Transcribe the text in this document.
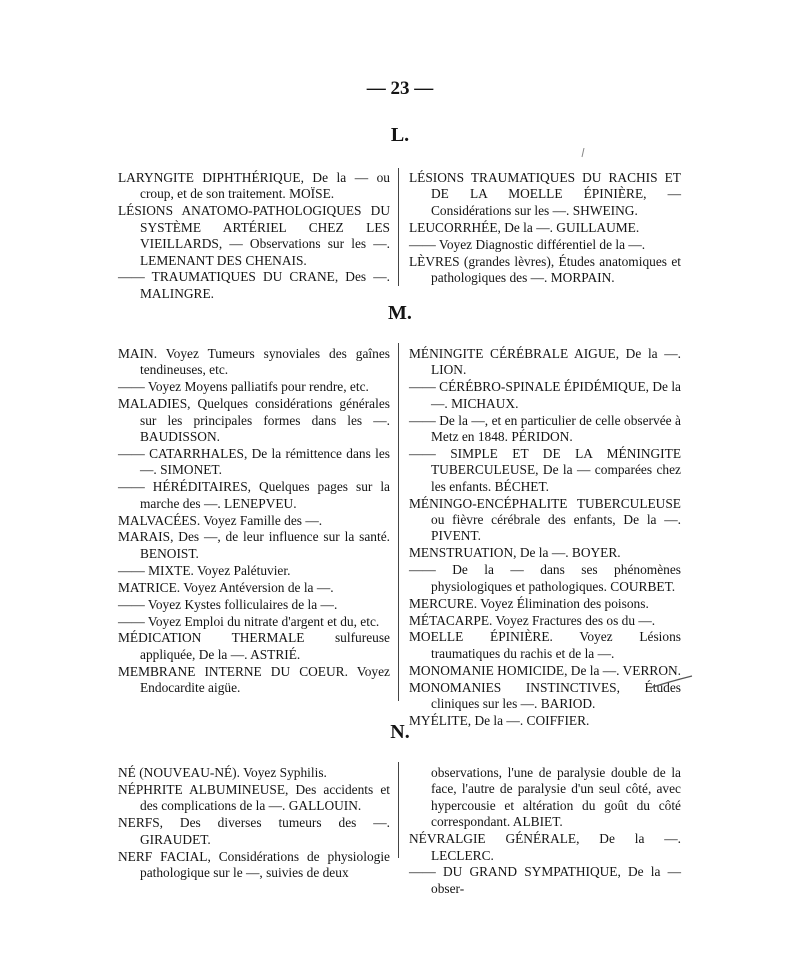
— 23 —
L.

LARYNGITE DIPHTHÉRIQUE, De la — ou croup, et de son traitement. MOÏSE.

LÉSIONS ANATOMO-PATHOLOGIQUES DU SYSTÈME ARTÉRIEL CHEZ LES VIEILLARDS, — Observations sur les —. LEMENANT DES CHENAIS.

—— TRAUMATIQUES DU CRANE, Des —. MALINGRE.

LÉSIONS TRAUMATIQUES DU RACHIS ET DE LA MOELLE ÉPINIÈRE, — Considérations sur les —. SHWEING.

LEUCORRHÉE, De la —. GUILLAUME.

—— Voyez Diagnostic différentiel de la —.

LÈVRES (grandes lèvres), Études anatomiques et pathologiques des —. MORPAIN.

M.

MAIN. Voyez Tumeurs synoviales des gaînes tendineuses, etc.

—— Voyez Moyens palliatifs pour rendre, etc.

MALADIES, Quelques considérations générales sur les principales formes dans les —. BAUDISSON.

—— CATARRHALES, De la rémittence dans les —. SIMONET.

—— HÉRÉDITAIRES, Quelques pages sur la marche des —. LENEPVEU.

MALVACÉES. Voyez Famille des —.

MARAIS, Des —, de leur influence sur la santé. BENOIST.

—— MIXTE. Voyez Palétuvier.

MATRICE. Voyez Antéversion de la —.

—— Voyez Kystes folliculaires de la —.

—— Voyez Emploi du nitrate d'argent et du, etc.

MÉDICATION THERMALE sulfureuse appliquée, De la —. ASTRIÉ.

MEMBRANE INTERNE DU COEUR. Voyez Endocardite aigüe.

MÉNINGITE CÉRÉBRALE AIGUE, De la —. LION.

—— CÉRÉBRO-SPINALE ÉPIDÉMIQUE, De la —. MICHAUX.

—— De la —, et en particulier de celle observée à Metz en 1848. PÉRIDON.

—— SIMPLE ET DE LA MÉNINGITE TUBERCULEUSE, De la — comparées chez les enfants. BÉCHET.

MÉNINGO-ENCÉPHALITE TUBERCULEUSE ou fièvre cérébrale des enfants, De la —. PIVENT.

MENSTRUATION, De la —. BOYER.

—— De la — dans ses phénomènes physiologiques et pathologiques. COURBET.

MERCURE. Voyez Élimination des poisons.

MÉTACARPE. Voyez Fractures des os du —.

MOELLE ÉPINIÈRE. Voyez Lésions traumatiques du rachis et de la —.

MONOMANIE HOMICIDE, De la —. VERRON.

MONOMANIES INSTINCTIVES, Études cliniques sur les —. BARIOD.

MYÉLITE, De la —. COIFFIER.

N.

NÉ (NOUVEAU-NÉ). Voyez Syphilis.

NÉPHRITE ALBUMINEUSE, Des accidents et des complications de la —. GALLOUIN.

NERFS, Des diverses tumeurs des —. GIRAUDET.

NERF FACIAL, Considérations de physiologie pathologique sur le —, suivies de deux

observations, l'une de paralysie double de la face, l'autre de paralysie d'un seul côté, avec hypercousie et altération du goût du côté correspondant. ALBIET.

NÉVRALGIE GÉNÉRALE, De la —. LECLERC.

—— DU GRAND SYMPATHIQUE, De la — obser-
